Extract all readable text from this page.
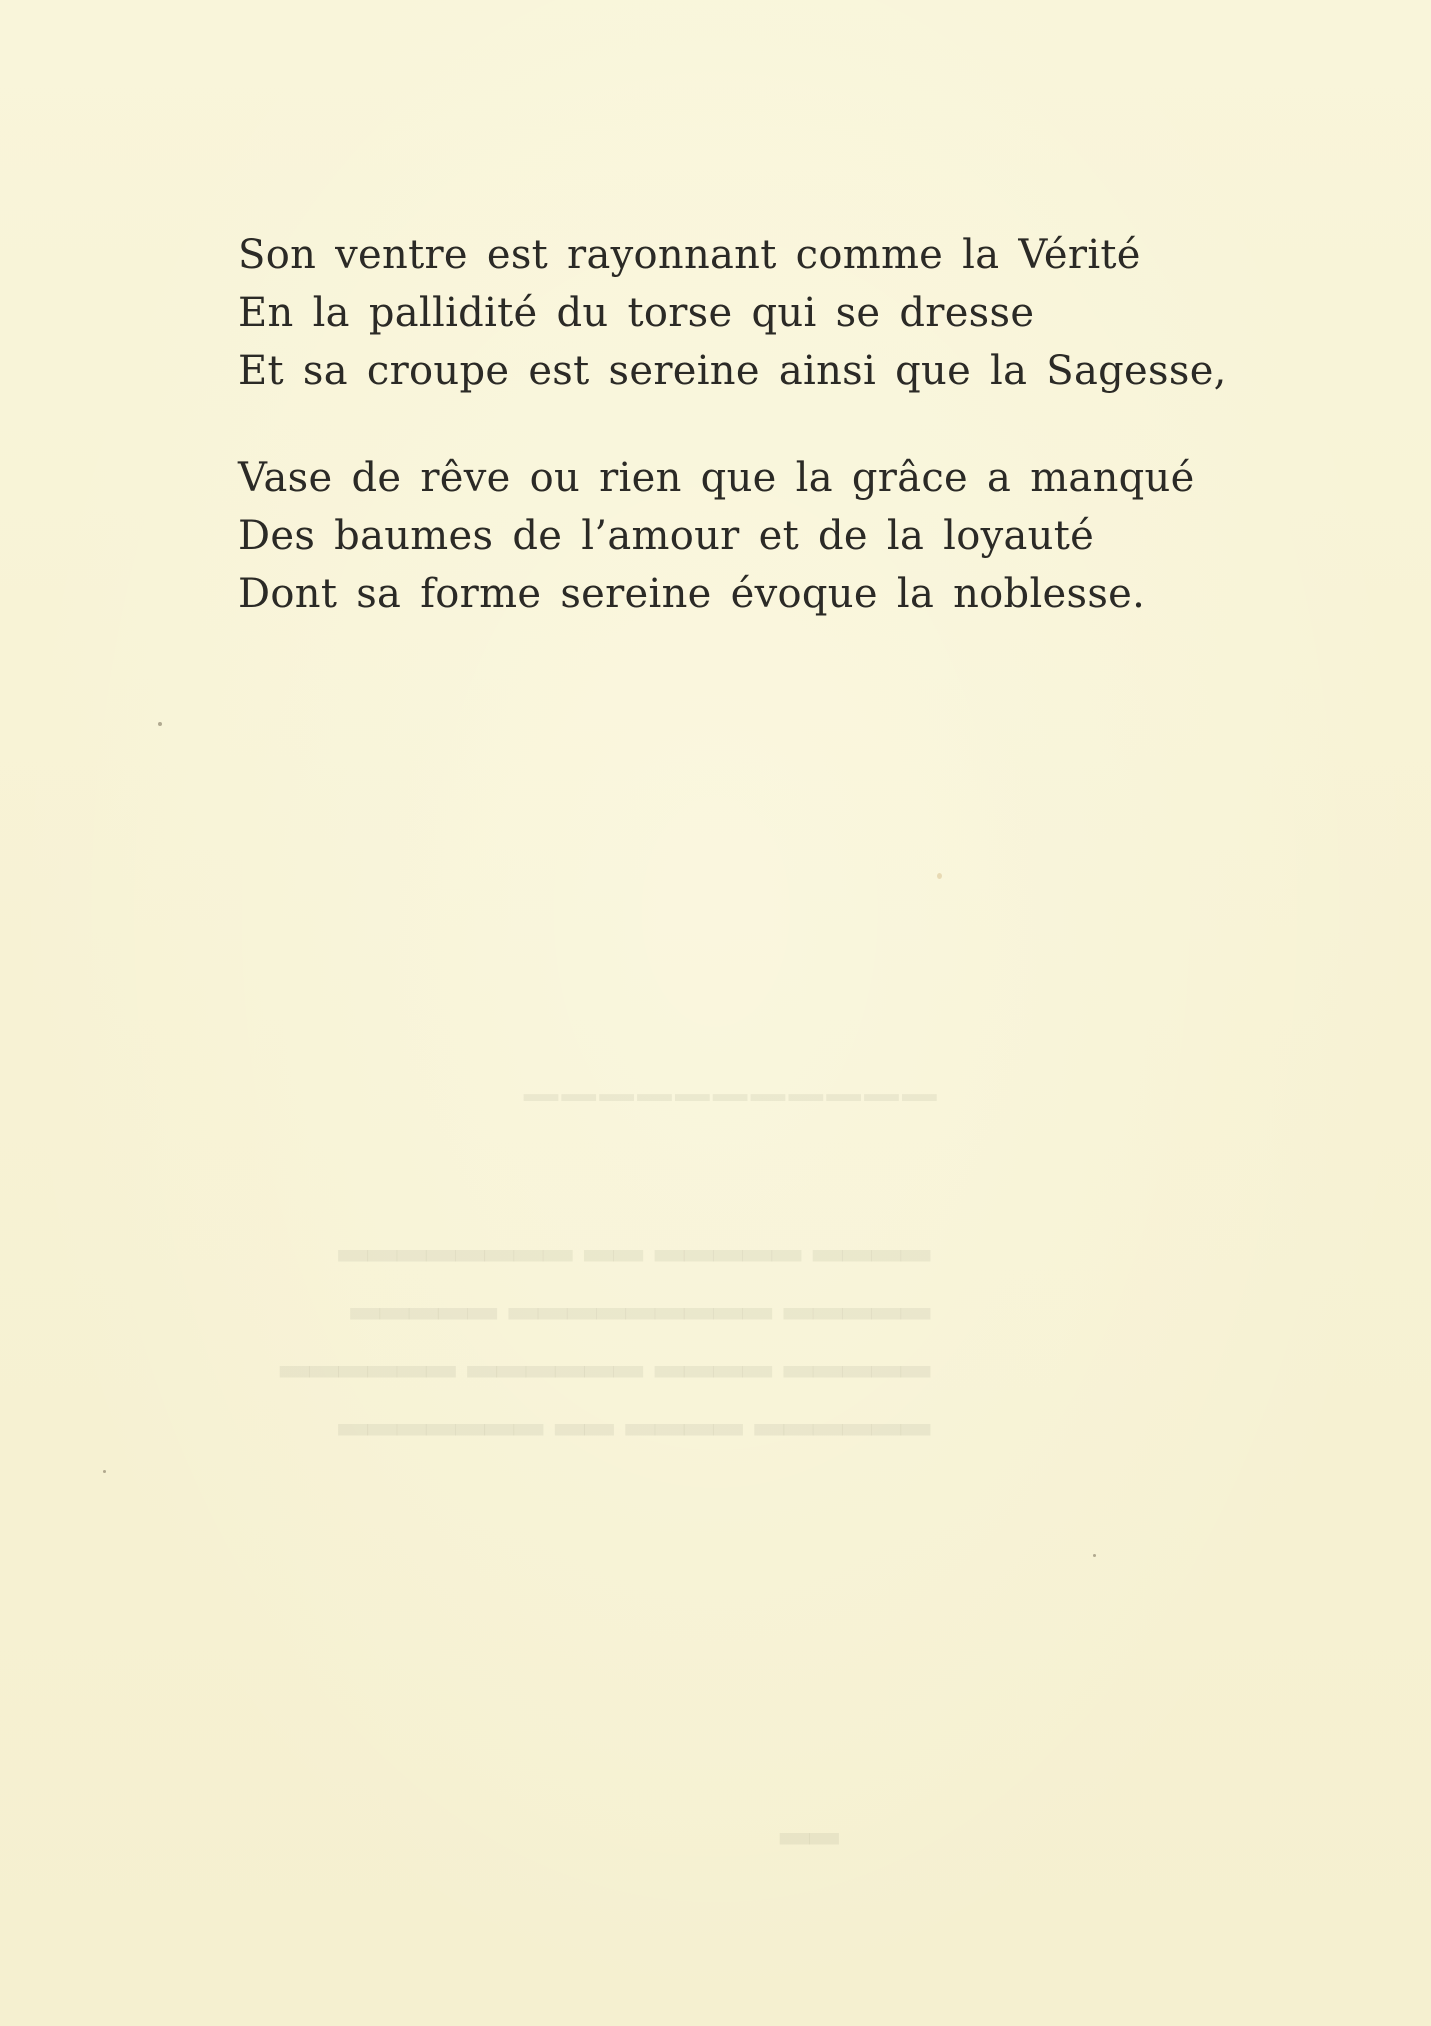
▁▁▁▁▁▁▁▁▁▁▁
▂▂▂▂ ▂▂▂▂▂ ▂▂ ▂▂▂▂▂▂▂▂
▂▂▂▂▂ ▂▂▂▂▂▂▂▂▂ ▂▂▂▂▂
▂▂▂▂▂ ▂▂▂▂ ▂▂▂▂▂▂ ▂▂▂▂▂▂
▂▂▂▂▂▂ ▂▂▂▂ ▂▂ ▂▂▂▂▂▂▂
▂▂
Son ventre est rayonnant comme la Vérité
En la pallidité du torse qui se dresse
Et sa croupe est sereine ainsi que la Sagesse,
Vase de rêve ou rien que la grâce a manqué
Des baumes de l’amour et de la loyauté
Dont sa forme sereine évoque la noblesse.
